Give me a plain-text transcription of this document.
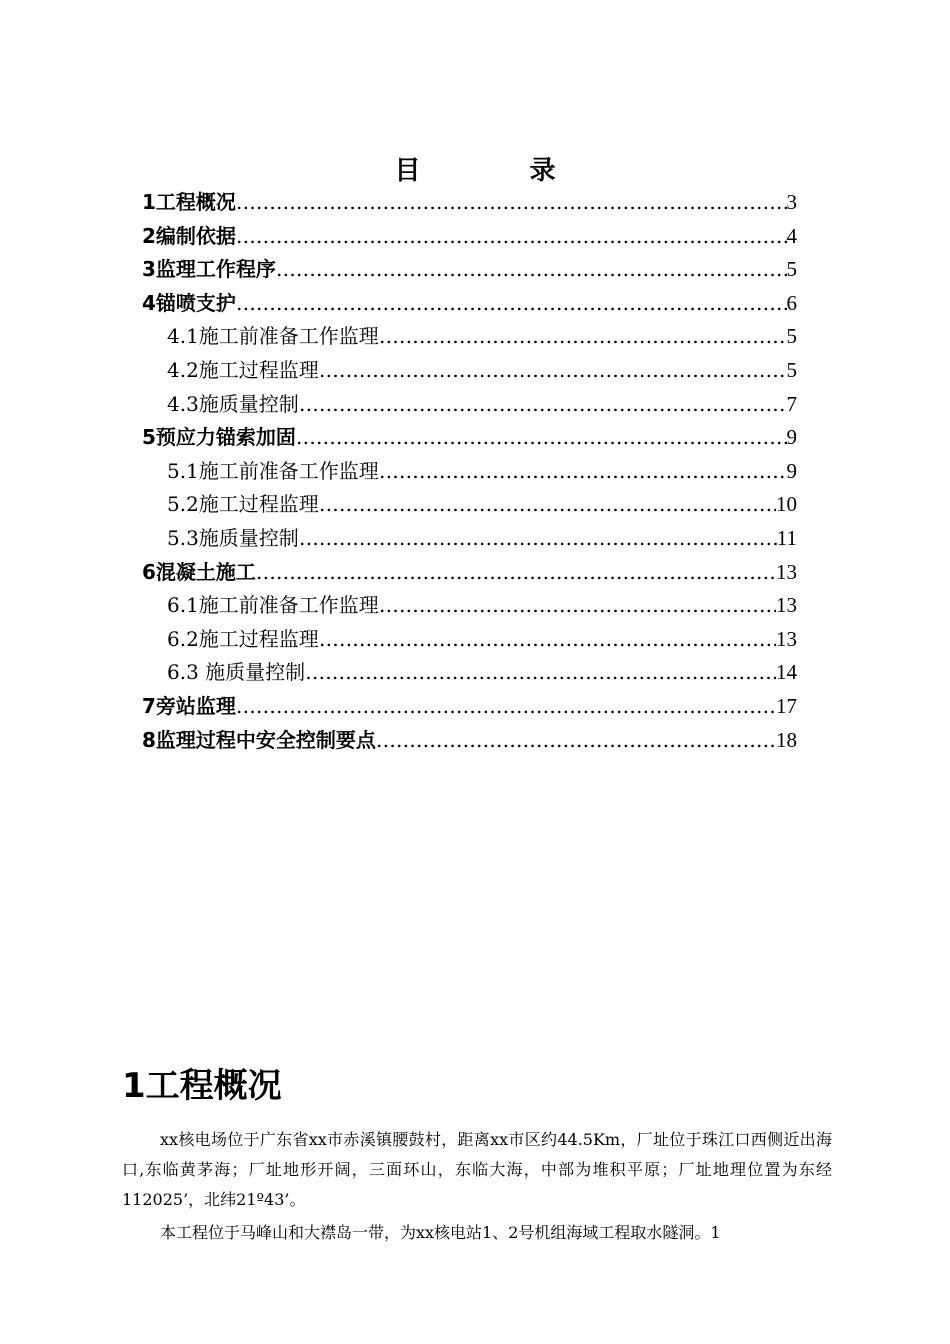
目 录
1工程概况 …………………………………………………………………………………………………………………………………………………	3
2编制依据 …………………………………………………………………………………………………………………………………………………	4
3监理工作程序 …………………………………………………………………………………………………………………………………………………	5
4锚喷支护 …………………………………………………………………………………………………………………………………………………	6
4.1施工前准备工作监理 …………………………………………………………………………………………………………………………………………………	5
4.2施工过程监理 …………………………………………………………………………………………………………………………………………………	5
4.3施质量控制 …………………………………………………………………………………………………………………………………………………	7
5预应力锚索加固 …………………………………………………………………………………………………………………………………………………	9
5.1施工前准备工作监理 …………………………………………………………………………………………………………………………………………………	9
5.2施工过程监理 …………………………………………………………………………………………………………………………………………………	10
5.3施质量控制 …………………………………………………………………………………………………………………………………………………	11
6混凝土施工 …………………………………………………………………………………………………………………………………………………	13
6.1施工前准备工作监理 …………………………………………………………………………………………………………………………………………………	13
6.2施工过程监理 …………………………………………………………………………………………………………………………………………………	13
6.3 施质量控制 …………………………………………………………………………………………………………………………………………………	14
7旁站监理 …………………………………………………………………………………………………………………………………………………	17
8监理过程中安全控制要点 …………………………………………………………………………………………………………………………………………………	18
1工程概况
xx核电场位于广东省xx市赤溪镇腰鼓村，距离xx市区约44.5Km，厂址位于珠江口西侧近出海口,东临黄茅海；厂址地形开阔，三面环山，东临大海，中部为堆积平原；厂址地理位置为东经112025’，北纬21º43’。
本工程位于马峰山和大襟岛一带，为xx核电站1、2号机组海域工程取水隧洞。1
